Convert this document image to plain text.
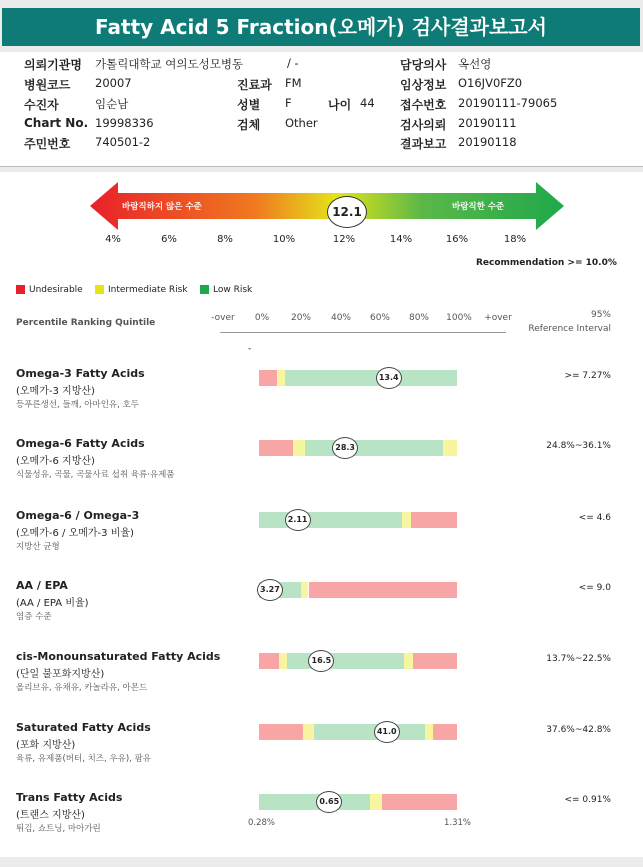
Fatty Acid 5 Fraction(오메가) 검사결과보고서
의뢰기관명 가톨릭대학교 여의도성모병동	/ -	담당의사 옥선영
병원코드 20007	진료과 FM	임상정보 O16JV0FZ0
수진자	임순남	성별 F	나이 44 접수번호 20190111-79065
Chart No. 19998336	검체 Other	검사의뢰 20190111
주민번호 740501-2	결과보고 20190118
바람직하지 않은 수준	바람직한 수준
12.1
4%	6%	8%	10%	12%	14%	16%	18%
Recommendation >= 10.0%
Undesirable	Intermediate Risk	Low Risk
Percentile Ranking Quintile	-over	0%	20%	40%	60%	80%	100% +over	95%
Reference Interval
-
Omega-3 Fatty Acids
(오메가-3 지방산)
등푸른생선, 들깨, 아마인유, 호두
>= 7.27%
13.4
Omega-6 Fatty Acids
(오메가-6 지방산)
식물성유, 곡물, 곡물사료 섭취 육류·유제품
24.8%~36.1%
28.3
Omega-6 / Omega-3
(오메가-6 / 오메가-3 비율)
지방산 균형
<= 4.6
2.11
AA / EPA
(AA / EPA 비율)
염증 수준
<= 9.0
3.27
cis-Monounsaturated Fatty Acids
(단일 불포화지방산)
올리브유, 유채유, 카놀라유, 아몬드
13.7%~22.5%
16.5
Saturated Fatty Acids
(포화 지방산)
육류, 유제품(버터, 치즈, 우유), 팜유
37.6%~42.8%
41.0
Trans Fatty Acids
(트랜스 지방산)
튀김, 쇼트닝, 마아가린
<= 0.91%
0.65
0.28%	1.31%
